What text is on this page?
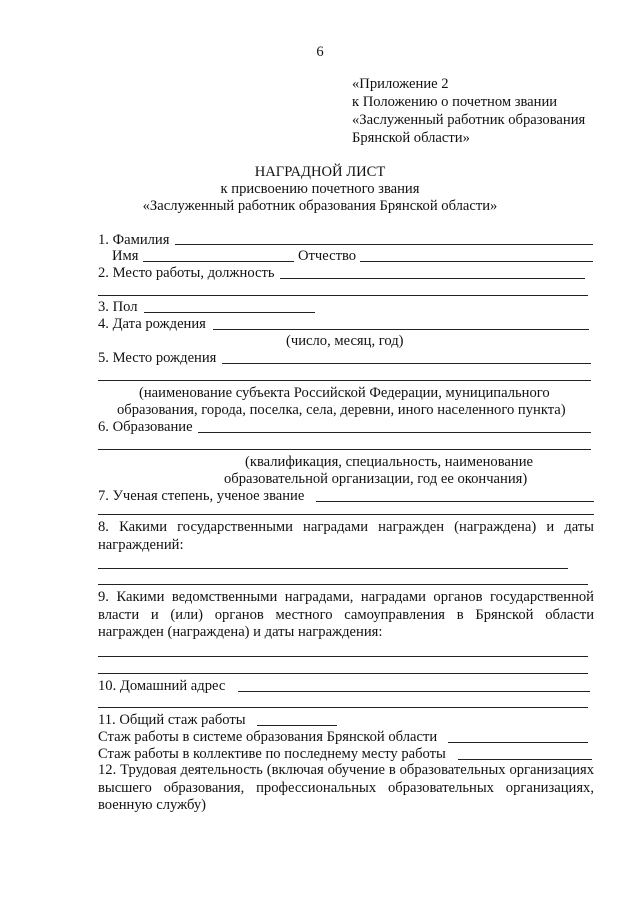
6
«Приложение 2
к Положению о почетном звании
«Заслуженный работник образования
Брянской области»
НАГРАДНОЙ ЛИСТ
к присвоению почетного звания
«Заслуженный работник образования Брянской области»
1. Фамилия
Имя	Отчество
2. Место работы, должность
3. Пол
4. Дата рождения
(число, месяц, год)
5. Место рождения
(наименование субъекта Российской Федерации, муниципального
образования, города, поселка, села, деревни, иного населенного пункта)
6. Образование
(квалификация, специальность, наименование
образовательной организации, год ее окончания)
7. Ученая степень, ученое звание
8. Какими государственными наградами награжден (награждена) и даты награждений:
9. Какими ведомственными наградами, наградами органов государственной власти и (или) органов местного самоуправления в Брянской области награжден (награждена) и даты награждения:
10. Домашний адрес
11. Общий стаж работы
Стаж работы в системе образования Брянской области
Стаж работы в коллективе по последнему месту работы
12. Трудовая деятельность (включая обучение в образовательных организациях высшего образования, профессиональных образовательных организациях, военную службу)
